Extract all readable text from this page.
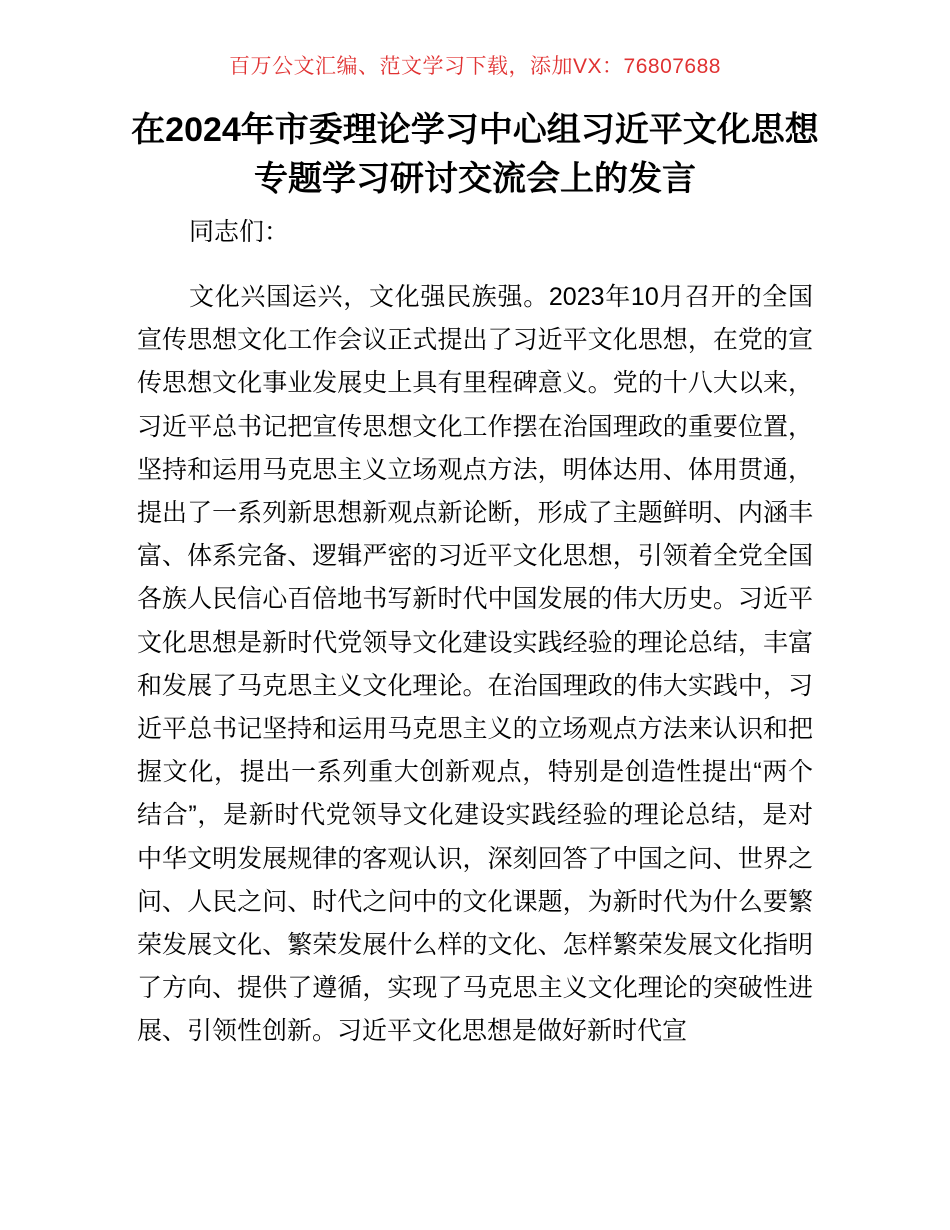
百万公文汇编、范文学习下载，添加VX：76807688
在2024年市委理论学习中心组习近平文化思想
专题学习研讨交流会上的发言
同志们：
文化兴国运兴，文化强民族强。2023年10月召开的全国宣传思想文化工作会议正式提出了习近平文化思想，在党的宣传思想文化事业发展史上具有里程碑意义。党的十八大以来，习近平总书记把宣传思想文化工作摆在治国理政的重要位置，坚持和运用马克思主义立场观点方法，明体达用、体用贯通，提出了一系列新思想新观点新论断，形成了主题鲜明、内涵丰富、体系完备、逻辑严密的习近平文化思想，引领着全党全国各族人民信心百倍地书写新时代中国发展的伟大历史。习近平文化思想是新时代党领导文化建设实践经验的理论总结，丰富和发展了马克思主义文化理论。在治国理政的伟大实践中，习近平总书记坚持和运用马克思主义的立场观点方法来认识和把握文化，提出一系列重大创新观点，特别是创造性提出“两个结合”，是新时代党领导文化建设实践经验的理论总结，是对中华文明发展规律的客观认识，深刻回答了中国之问、世界之问、人民之问、时代之问中的文化课题，为新时代为什么要繁荣发展文化、繁荣发展什么样的文化、怎样繁荣发展文化指明了方向、提供了遵循，实现了马克思主义文化理论的突破性进展、引领性创新。习近平文化思想是做好新时代宣
